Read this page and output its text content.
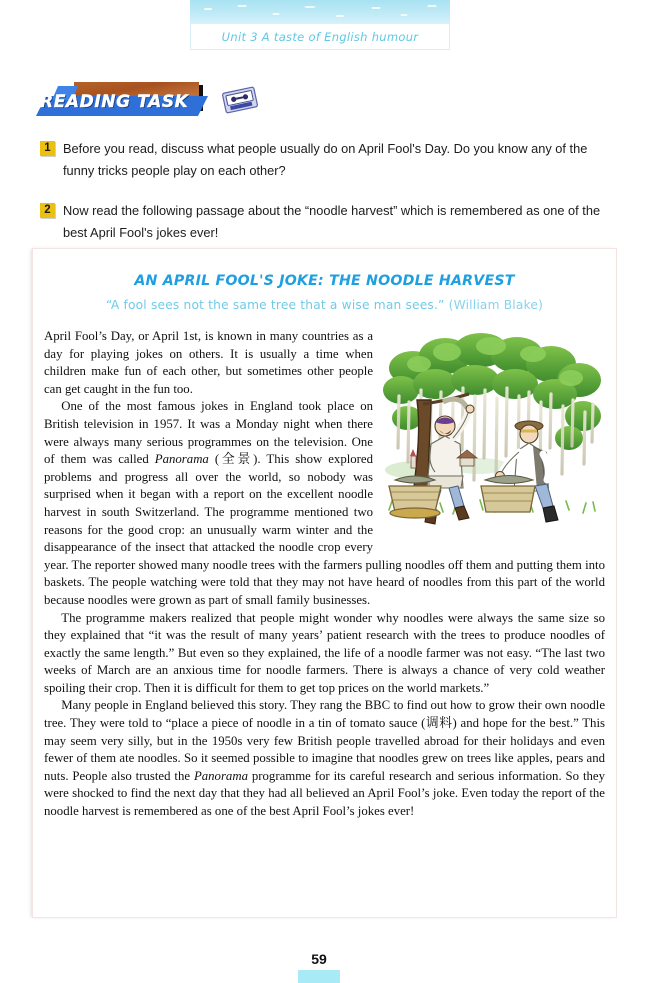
Unit 3 A taste of English humour
READING TASK
1 Before you read, discuss what people usually do on April Fool's Day. Do you know any of the funny tricks people play on each other?
2 Now read the following passage about the “noodle harvest” which is remembered as one of the best April Fool's jokes ever!
AN APRIL FOOL'S JOKE: THE NOODLE HARVEST
“A fool sees not the same tree that a wise man sees.” (William Blake)

April Fool’s Day, or April 1st, is known in many countries as a day for playing jokes on others. It is usually a time when children make fun of each other, but sometimes other people can get caught in the fun too.

One of the most famous jokes in England took place on British television in 1957. It was a Monday night when there were always many serious programmes on the television. One of them was called Panorama (全景). This show explored problems and progress all over the world, so nobody was surprised when it began with a report on the excellent noodle harvest in south Switzerland. The programme mentioned two reasons for the good crop: an unusually warm winter and the disappearance of the insect that attacked the noodle crop every year. The reporter showed many noodle trees with the farmers pulling noodles off them and putting them into baskets. The people watching were told that they may not have heard of noodles from this part of the world because noodles were grown as part of small family businesses.

The programme makers realized that people might wonder why noodles were always the same size so they explained that “it was the result of many years’ patient research with the trees to produce noodles of exactly the same length.” But even so they explained, the life of a noodle farmer was not easy. “The last two weeks of March are an anxious time for noodle farmers. There is always a chance of very cold weather spoiling their crop. Then it is difficult for them to get top prices on the world markets.”

Many people in England believed this story. They rang the BBC to find out how to grow their own noodle tree. They were told to “place a piece of noodle in a tin of tomato sauce (调料) and hope for the best.” This may seem very silly, but in the 1950s very few British people travelled abroad for their holidays and even fewer of them ate noodles. So it seemed possible to imagine that noodles grew on trees like apples, pears and nuts. People also trusted the Panorama programme for its careful research and serious information. So they were shocked to find the next day that they had all believed an April Fool’s joke. Even today the report of the noodle harvest is remembered as one of the best April Fool’s jokes ever!

59
